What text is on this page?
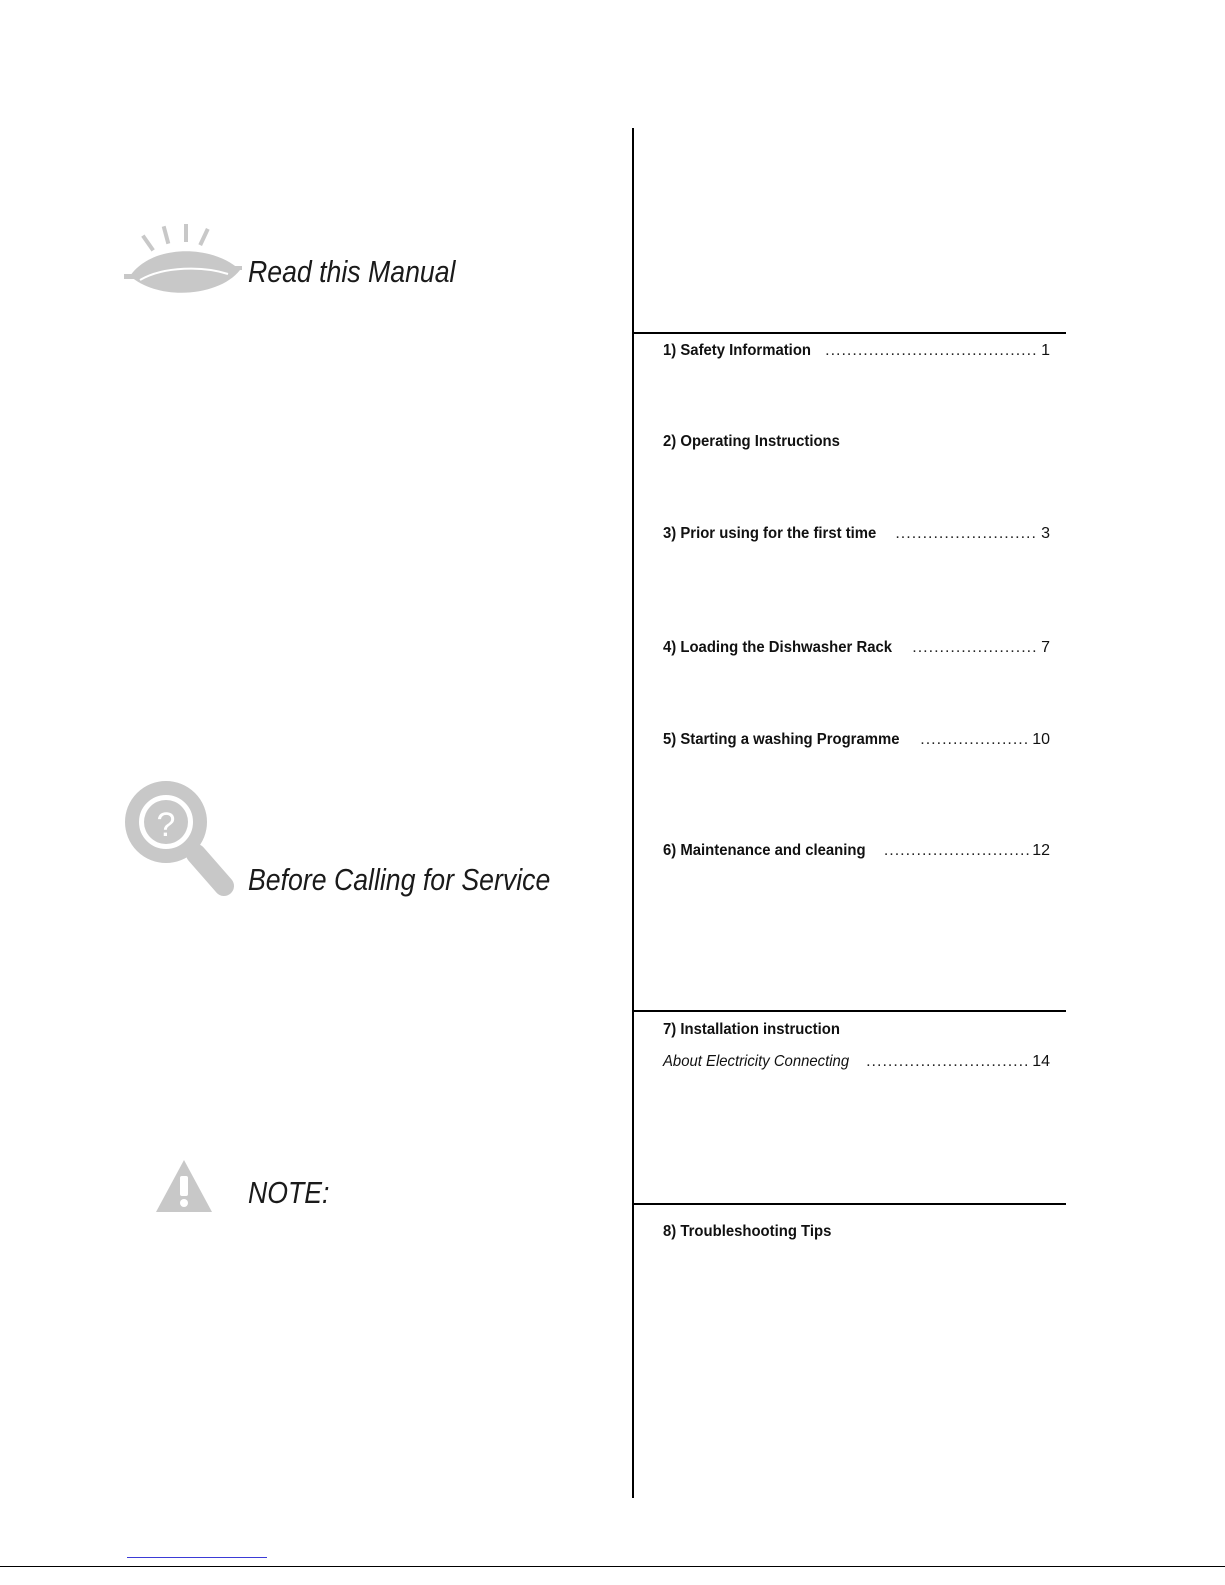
Read this Manual
?
Before Calling for Service
NOTE:
1) Safety Information .....	1
2) Operating Instructions
3) Prior using for the first time .....	3
4) Loading the Dishwasher Rack .....	7
5) Starting a washing Programme .....	10
6) Maintenance and cleaning .....	12
7) Installation instruction
About Electricity Connecting .....	14
8) Troubleshooting Tips
